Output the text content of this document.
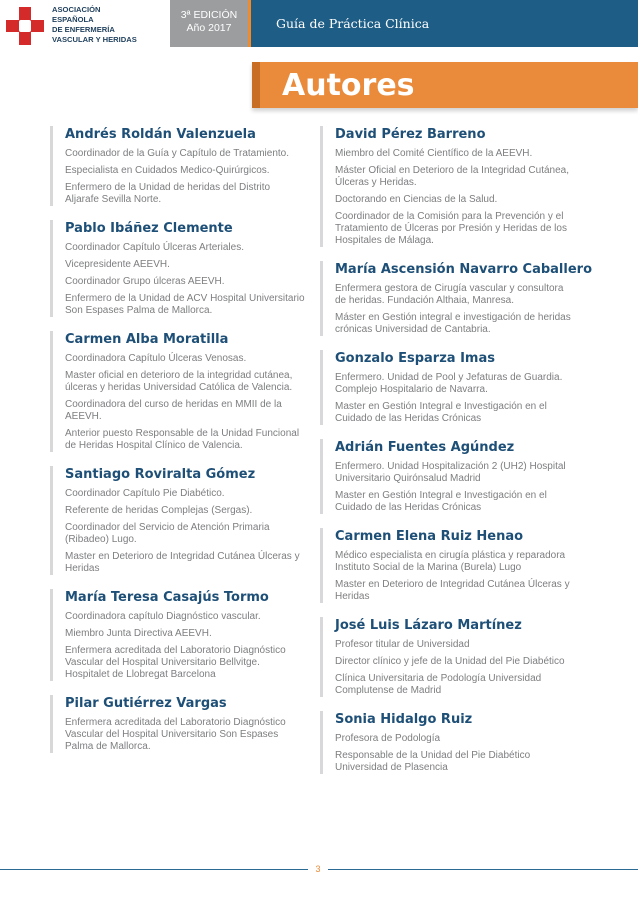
ASOCIACIÓN
ESPAÑOLA
DE ENFERMERÍA
VASCULAR Y HERIDAS
3ª EDICIÓN
Año 2017	Guía de Práctica Clínica
Autores
Andrés Roldán Valenzuela
Coordinador de la Guía y Capítulo de Tratamiento.
Especialista en Cuidados Medico-Quirúrgicos.
Enfermero de la Unidad de heridas del Distrito Aljarafe Sevilla Norte.
Pablo Ibáñez Clemente
Coordinador Capítulo Úlceras Arteriales.
Vicepresidente AEEVH.
Coordinador Grupo úlceras AEEVH.
Enfermero de la Unidad de ACV Hospital Universitario Son Espases Palma de Mallorca.
Carmen Alba Moratilla
Coordinadora Capítulo Úlceras Venosas.
Master oficial en deterioro de la integridad cutánea, úlceras y heridas Universidad Católica de Valencia.
Coordinadora del curso de heridas en MMII de la AEEVH.
Anterior puesto Responsable de la Unidad Funcional de Heridas Hospital Clínico de Valencia.
Santiago Roviralta Gómez
Coordinador Capítulo Pie Diabético.
Referente de heridas Complejas (Sergas).
Coordinador del Servicio de Atención Primaria (Ribadeo) Lugo.
Master en Deterioro de Integridad Cutánea Úlceras y Heridas
María Teresa Casajús Tormo
Coordinadora capítulo Diagnóstico vascular.
Miembro Junta Directiva AEEVH.
Enfermera acreditada del Laboratorio Diagnóstico Vascular del Hospital Universitario Bellvitge. Hospitalet de Llobregat Barcelona
Pilar Gutiérrez Vargas
Enfermera acreditada del Laboratorio Diagnóstico Vascular del Hospital Universitario Son Espases Palma de Mallorca.
David Pérez Barreno
Miembro del Comité Científico de la AEEVH.
Máster Oficial en Deterioro de la Integridad Cutánea, Úlceras y Heridas.
Doctorando en Ciencias de la Salud.
Coordinador de la Comisión para la Prevención y el Tratamiento de Úlceras por Presión y Heridas de los Hospitales de Málaga.
María Ascensión Navarro Caballero
Enfermera gestora de Cirugía vascular y consultora de heridas. Fundación Althaia, Manresa.
Máster en Gestión integral e investigación de heridas crónicas Universidad de Cantabria.
Gonzalo Esparza Imas
Enfermero. Unidad de Pool y Jefaturas de Guardia. Complejo Hospitalario de Navarra.
Master en Gestión Integral e Investigación en el Cuidado de las Heridas Crónicas
Adrián Fuentes Agúndez
Enfermero. Unidad Hospitalización 2 (UH2) Hospital Universitario Quirónsalud Madrid
Master en Gestión Integral e Investigación en el Cuidado de las Heridas Crónicas
Carmen Elena Ruiz Henao
Médico especialista en cirugía plástica y reparadora Instituto Social de la Marina (Burela) Lugo
Master en Deterioro de Integridad Cutánea Úlceras y Heridas
José Luis Lázaro Martínez
Profesor titular de Universidad
Director clínico y jefe de la Unidad del Pie Diabético
Clínica Universitaria de Podología Universidad Complutense de Madrid
Sonia Hidalgo Ruiz
Profesora de Podología
Responsable de la Unidad del Pie Diabético Universidad de Plasencia
3
